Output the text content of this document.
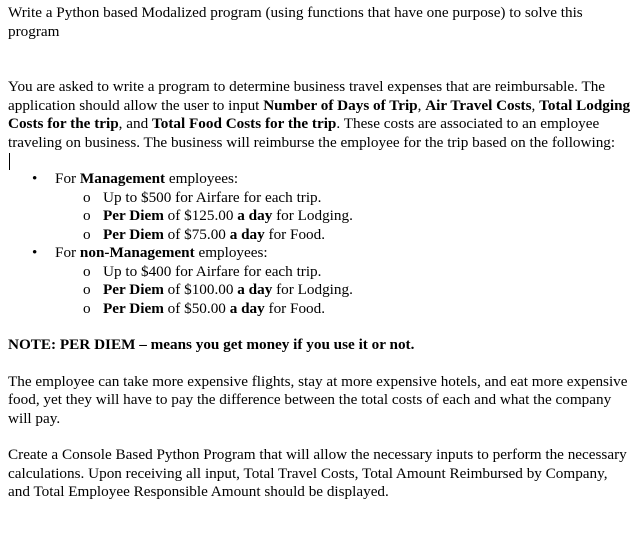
Write a Python based Modalized program (using functions that have one purpose) to solve this program

You are asked to write a program to determine business travel expenses that are reimbursable. The application should allow the user to input Number of Days of Trip, Air Travel Costs, Total Lodging Costs for the trip, and Total Food Costs for the trip. These costs are associated to an employee traveling on business. The business will reimburse the employee for the trip based on the following:

• For Management employees:
o Up to $500 for Airfare for each trip.
o Per Diem of $125.00 a day for Lodging.
o Per Diem of $75.00 a day for Food.
• For non-Management employees:
o Up to $400 for Airfare for each trip.
o Per Diem of $100.00 a day for Lodging.
o Per Diem of $50.00 a day for Food.

NOTE: PER DIEM – means you get money if you use it or not.

The employee can take more expensive flights, stay at more expensive hotels, and eat more expensive food, yet they will have to pay the difference between the total costs of each and what the company will pay.

Create a Console Based Python Program that will allow the necessary inputs to perform the necessary calculations. Upon receiving all input, Total Travel Costs, Total Amount Reimbursed by Company, and Total Employee Responsible Amount should be displayed.
